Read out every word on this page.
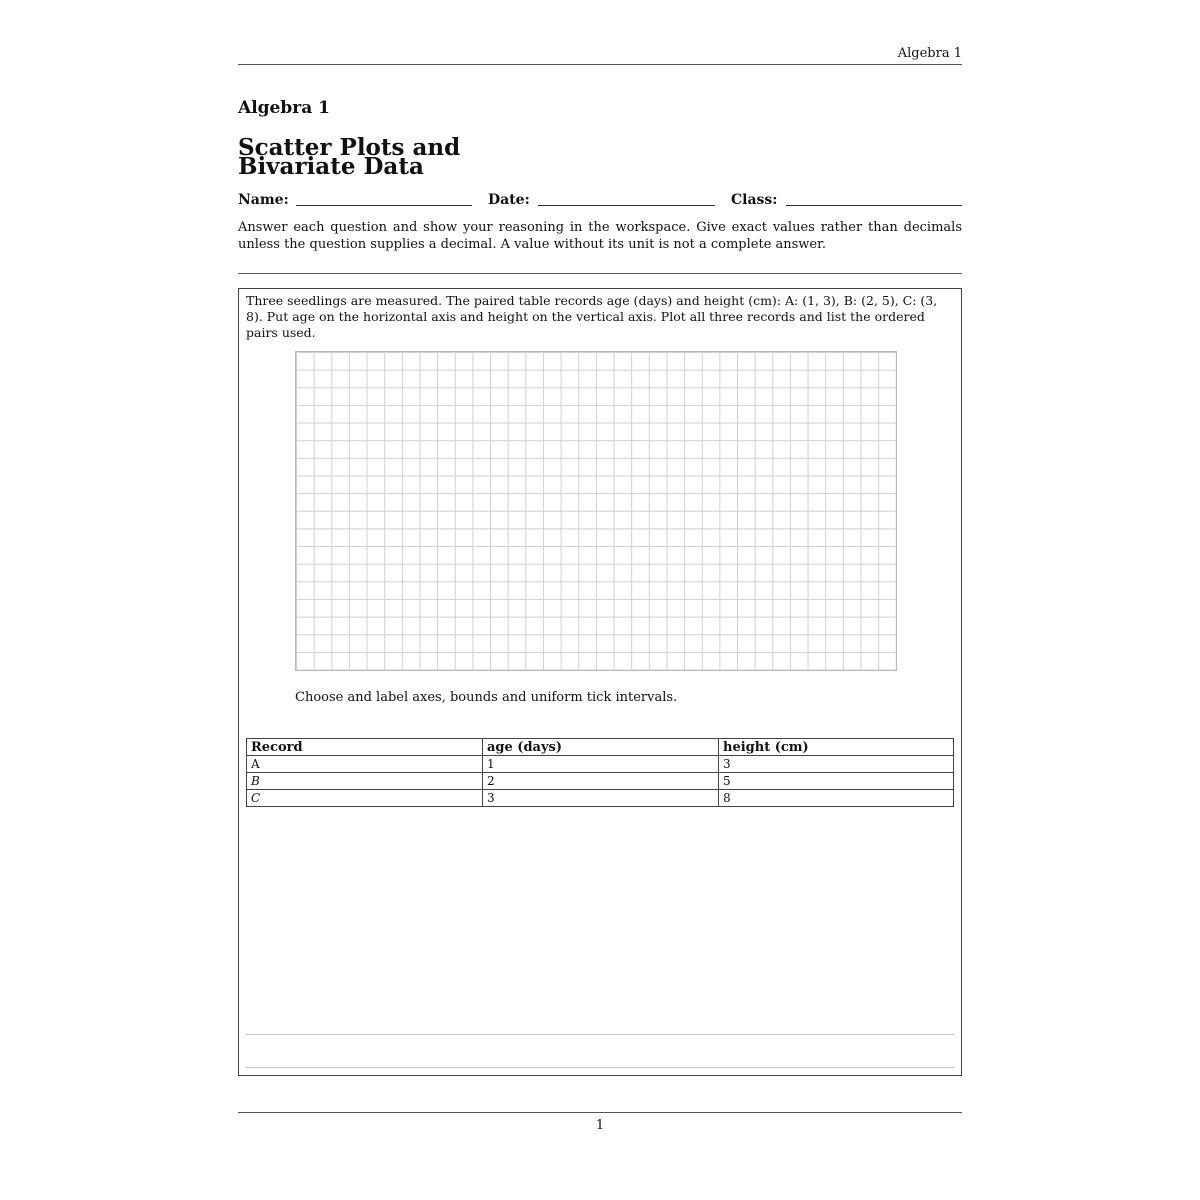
Algebra 1
Algebra 1
Scatter Plots and
Bivariate Data
Name:	Date:	Class:
Answer each question and show your reasoning in the workspace. Give exact values rather than decimals unless the question supplies a decimal. A value without its unit is not a complete answer.
Three seedlings are measured. The paired table records age (days) and height (cm): A: (1, 3), B: (2, 5), C: (3, 8). Put age on the horizontal axis and height on the vertical axis. Plot all three records and list the ordered pairs used.
Choose and label axes, bounds and uniform tick intervals.
Record	age (days)	height (cm)
A	1	3
B	2	5
C	3	8
1
